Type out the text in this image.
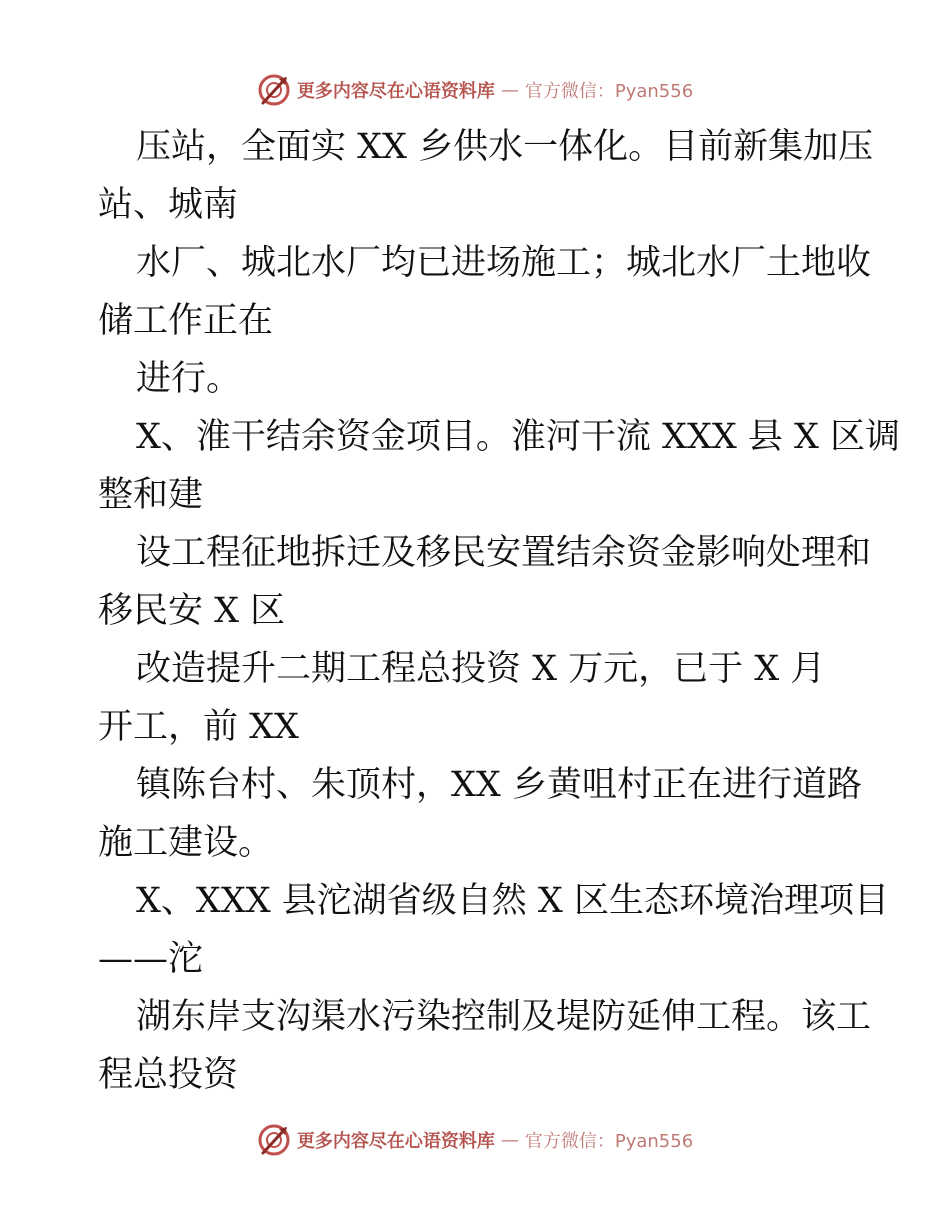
更多内容尽在心语资料库 — 官方微信：Pyan556
压站，全面实 XX 乡供水一体化。目前新集加压
站、城南
水厂、城北水厂均已进场施工；城北水厂土地收
储工作正在
进行。
X、淮干结余资金项目。淮河干流 XXX 县 X 区调
整和建
设工程征地拆迁及移民安置结余资金影响处理和
移民安 X 区
改造提升二期工程总投资 X 万元，已于 X 月
开工，前 XX
镇陈台村、朱顶村，XX 乡黄咀村正在进行道路
施工建设。
X、XXX 县沱湖省级自然 X 区生态环境治理项目
——沱
湖东岸支沟渠水污染控制及堤防延伸工程。该工
程总投资
更多内容尽在心语资料库 — 官方微信：Pyan556
